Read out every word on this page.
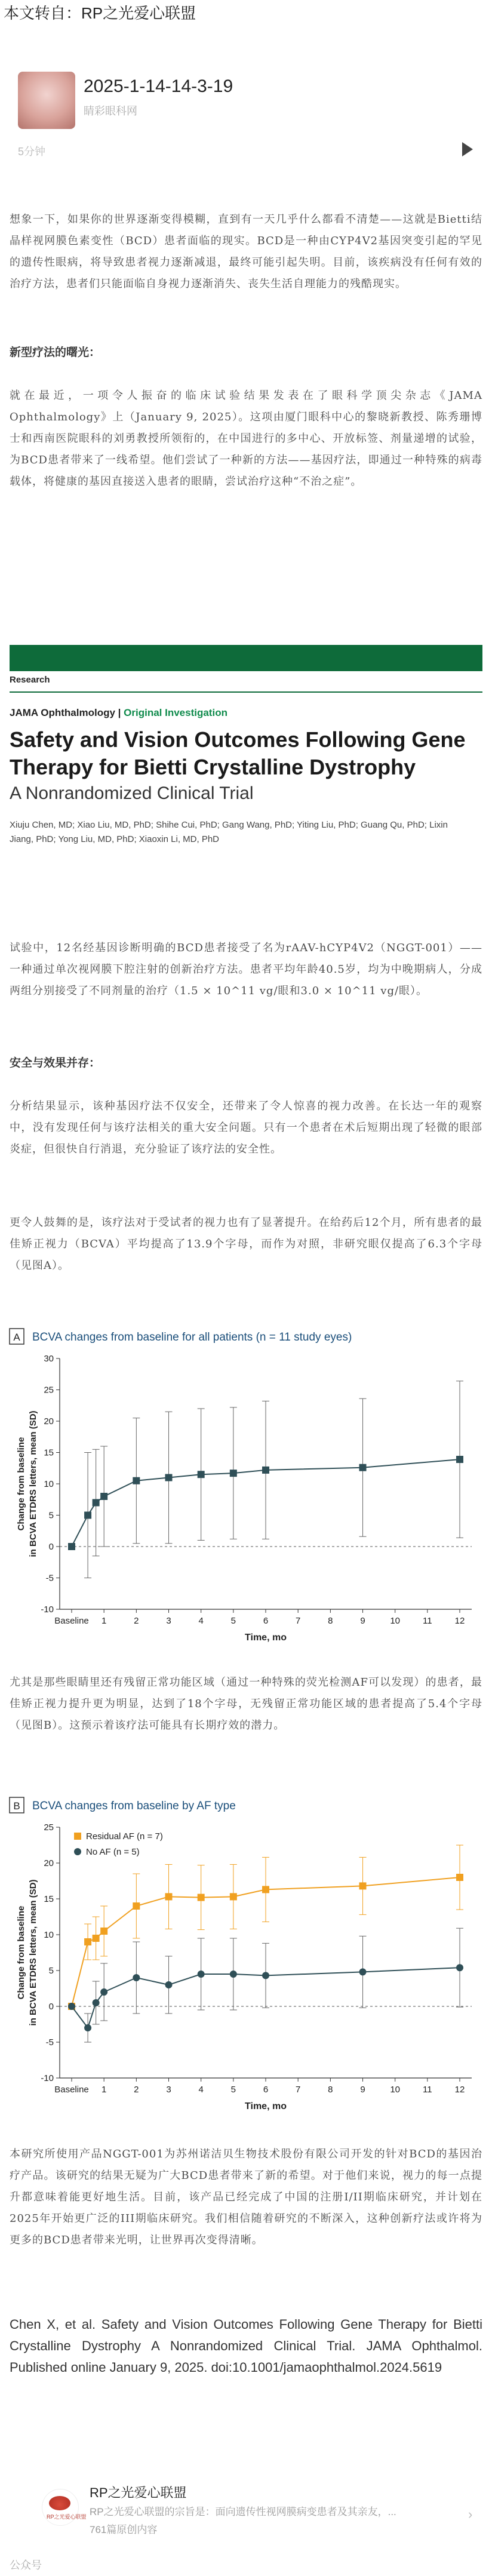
本文转自：RP之光爱心联盟
2025-1-14-14-3-19
睛彩眼科网
5分钟
想象一下，如果你的世界逐渐变得模糊，直到有一天几乎什么都看不清楚——这就是Bietti结晶样视网膜色素变性（BCD）患者面临的现实。BCD是一种由CYP4V2基因突变引起的罕见的遗传性眼病，将导致患者视力逐渐减退，最终可能引起失明。目前，该疾病没有任何有效的治疗方法，患者们只能面临自身视力逐渐消失、丧失生活自理能力的残酷现实。
新型疗法的曙光：
就在最近，一项令人振奋的临床试验结果发表在了眼科学顶尖杂志《JAMA Ophthalmology》上（January 9, 2025）。这项由厦门眼科中心的黎晓新教授、陈秀珊博士和西南医院眼科的刘勇教授所领衔的，在中国进行的多中心、开放标签、剂量递增的试验，为BCD患者带来了一线希望。他们尝试了一种新的方法——基因疗法，即通过一种特殊的病毒载体，将健康的基因直接送入患者的眼睛，尝试治疗这种“不治之症”。
Research
JAMA Ophthalmology | Original Investigation
Safety and Vision Outcomes Following Gene Therapy for Bietti Crystalline Dystrophy
A Nonrandomized Clinical Trial
Xiuju Chen, MD; Xiao Liu, MD, PhD; Shihe Cui, PhD; Gang Wang, PhD; Yiting Liu, PhD; Guang Qu, PhD; Lixin Jiang, PhD; Yong Liu, MD, PhD; Xiaoxin Li, MD, PhD
试验中，12名经基因诊断明确的BCD患者接受了名为rAAV-hCYP4V2（NGGT-001）——一种通过单次视网膜下腔注射的创新治疗方法。患者平均年龄40.5岁，均为中晚期病人，分成两组分别接受了不同剂量的治疗（1.5 × 10^11 vg/眼和3.0 × 10^11 vg/眼）。
安全与效果并存：
分析结果显示，该种基因疗法不仅安全，还带来了令人惊喜的视力改善。在长达一年的观察中，没有发现任何与该疗法相关的重大安全问题。只有一个患者在术后短期出现了轻微的眼部炎症，但很快自行消退，充分验证了该疗法的安全性。
更令人鼓舞的是，该疗法对于受试者的视力也有了显著提升。在给药后12个月，所有患者的最佳矫正视力（BCVA）平均提高了13.9个字母，而作为对照，非研究眼仅提高了6.3个字母（见图A）。
A BCVA changes from baseline for all patients (n = 11 study eyes)
-10
-5
0
5
10
15
20
25
30
Baseline 1	2	3	4	5	6	7	8	9	10	11	12
Time, mo
Change from baseline in BCVA ETDRS letters, mean (SD)
尤其是那些眼睛里还有残留正常功能区域（通过一种特殊的荧光检测AF可以发现）的患者，最佳矫正视力提升更为明显，达到了18个字母，无残留正常功能区域的患者提高了5.4个字母（见图B）。这预示着该疗法可能具有长期疗效的潜力。
B BCVA changes from baseline by AF type
-10
-5
0
5
10
15
20
25
Baseline 1	2	3	4	5	6	7	8	9	10	11	12
Time, mo
Change from baseline in BCVA ETDRS letters, mean (SD)
Residual AF (n = 7)
No AF (n = 5)
本研究所使用产品NGGT-001为苏州诺洁贝生物技术股份有限公司开发的针对BCD的基因治疗产品。该研究的结果无疑为广大BCD患者带来了新的希望。对于他们来说，视力的每一点提升都意味着能更好地生活。目前，该产品已经完成了中国的注册I/II期临床研究，并计划在2025年开始更广泛的III期临床研究。我们相信随着研究的不断深入，这种创新疗法或许将为更多的BCD患者带来光明，让世界再次变得清晰。
Chen X, et al. Safety and Vision Outcomes Following Gene Therapy for Bietti Crystalline Dystrophy A Nonrandomized Clinical Trial. JAMA Ophthalmol. Published online January 9, 2025. doi:10.1001/jamaophthalmol.2024.5619
RP之光爱心联盟
RP之光爱心联盟
RP之光爱心联盟的宗旨是：面向遗传性视网膜病变患者及其亲友，...
761篇原创内容
›
公众号
